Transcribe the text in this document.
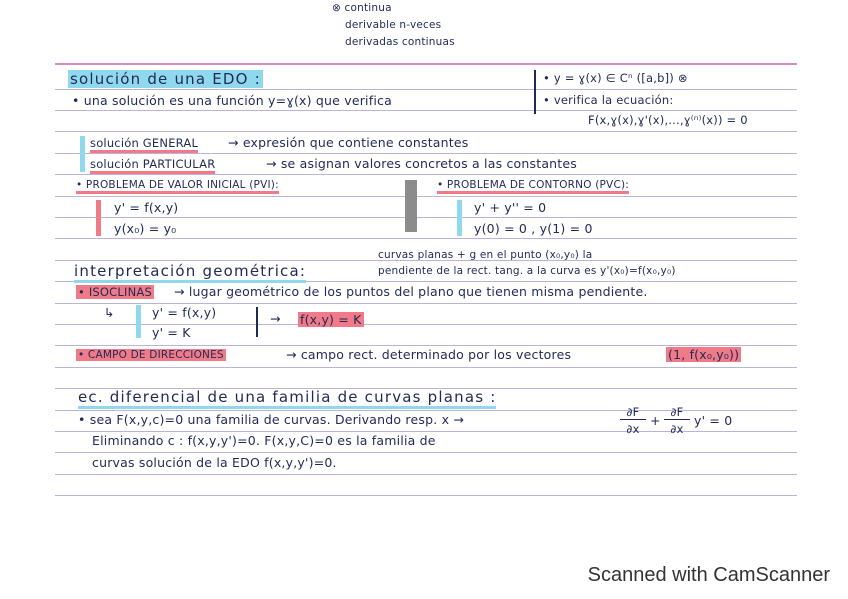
⊗ continua
derivable n-veces
derivadas continuas
solución de una EDO :
• una solución es una función y=ɣ(x) que verifica
• y = ɣ(x) ∈ Cⁿ ([a,b]) ⊗
• verifica la ecuación:
F(x,ɣ(x),ɣ'(x),...,ɣ⁽ⁿ⁾(x)) = 0
solución GENERAL → expresión que contiene constantes
solución PARTICULAR	→ se asignan valores concretos a las constantes
• PROBLEMA DE VALOR INICIAL (PVI):
y' = f(x,y)
y(x₀) = y₀
• PROBLEMA DE CONTORNO (PVC):
y' + y'' = 0
y(0) = 0 , y(1) = 0
interpretación geométrica:
curvas planas + g en el punto (x₀,y₀) la
pendiente de la rect. tang. a la curva es y'(x₀)=f(x₀,y₀)
• ISOCLINAS → lugar geométrico de los puntos del plano que tienen misma pendiente.
↳	y' = f(x,y)
y' = K
→ f(x,y) = K
• CAMPO DE DIRECCIONES	→ campo rect. determinado por los vectores	(1, f(x₀,y₀))
ec. diferencial de una familia de curvas planas :
• sea F(x,y,c)=0 una familia de curvas. Derivando resp. x →	∂F
∂x
+
∂F
∂x
y' = 0
Eliminando c : f(x,y,y')=0. F(x,y,C)=0 es la familia de
curvas solución de la EDO f(x,y,y')=0.
Scanned with CamScanner
